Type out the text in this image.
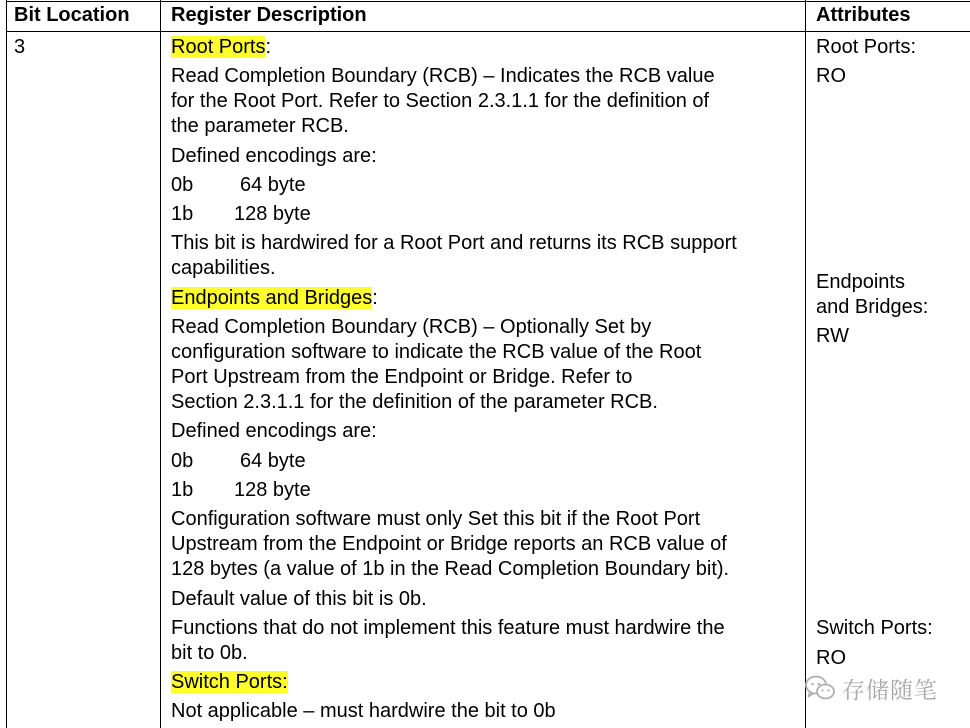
Bit Location Register Description	Attributes
3	Root Ports:
Read Completion Boundary (RCB) – Indicates the RCB value
for the Root Port. Refer to Section 2.3.1.1 for the definition of
the parameter RCB.
Defined encodings are:
0b 64 byte
1b 128 byte
This bit is hardwired for a Root Port and returns its RCB support
capabilities.
Endpoints and Bridges:
Read Completion Boundary (RCB) – Optionally Set by
configuration software to indicate the RCB value of the Root
Port Upstream from the Endpoint or Bridge. Refer to
Section 2.3.1.1 for the definition of the parameter RCB.
Defined encodings are:
0b 64 byte
1b 128 byte
Configuration software must only Set this bit if the Root Port
Upstream from the Endpoint or Bridge reports an RCB value of
128 bytes (a value of 1b in the Read Completion Boundary bit).
Default value of this bit is 0b.
Functions that do not implement this feature must hardwire the
bit to 0b.
Switch Ports:
Not applicable – must hardwire the bit to 0b
Root Ports:
RO
Endpoints
and Bridges:
RW
Switch Ports:
RO
存储随笔
